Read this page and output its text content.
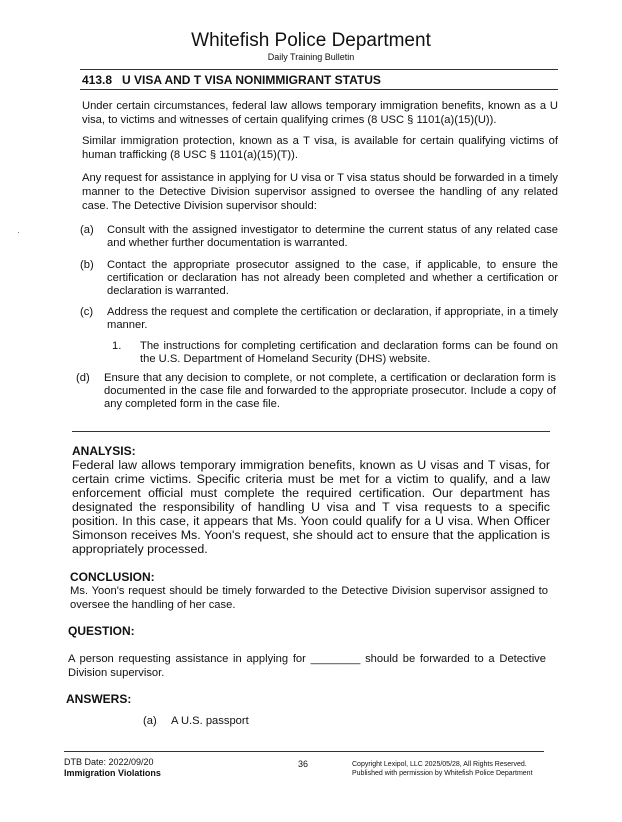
Whitefish Police Department
Daily Training Bulletin
413.8 U VISA AND T VISA NONIMMIGRANT STATUS
Under certain circumstances, federal law allows temporary immigration benefits, known as a U visa, to victims and witnesses of certain qualifying crimes (8 USC § 1101(a)(15)(U)).
Similar immigration protection, known as a T visa, is available for certain qualifying victims of human trafficking (8 USC § 1101(a)(15)(T)).
Any request for assistance in applying for U visa or T visa status should be forwarded in a timely manner to the Detective Division supervisor assigned to oversee the handling of any related case. The Detective Division supervisor should:
(a) Consult with the assigned investigator to determine the current status of any related case and whether further documentation is warranted.
(b) Contact the appropriate prosecutor assigned to the case, if applicable, to ensure the certification or declaration has not already been completed and whether a certification or declaration is warranted.
(c) Address the request and complete the certification or declaration, if appropriate, in a timely manner.
1. The instructions for completing certification and declaration forms can be found on the U.S. Department of Homeland Security (DHS) website.
(d) Ensure that any decision to complete, or not complete, a certification or declaration form is documented in the case file and forwarded to the appropriate prosecutor. Include a copy of any completed form in the case file.
ANALYSIS:
Federal law allows temporary immigration benefits, known as U visas and T visas, for certain crime victims. Specific criteria must be met for a victim to qualify, and a law enforcement official must complete the required certification. Our department has designated the responsibility of handling U visa and T visa requests to a specific position. In this case, it appears that Ms. Yoon could qualify for a U visa. When Officer Simonson receives Ms. Yoon's request, she should act to ensure that the application is appropriately processed.
CONCLUSION:
Ms. Yoon's request should be timely forwarded to the Detective Division supervisor assigned to oversee the handling of her case.
QUESTION:
A person requesting assistance in applying for ________ should be forwarded to a Detective Division supervisor.
ANSWERS:
(a) A U.S. passport
DTB Date: 2022/09/20
Immigration Violations
36	Copyright Lexipol, LLC 2025/05/28, All Rights Reserved.
Published with permission by Whitefish Police Department
